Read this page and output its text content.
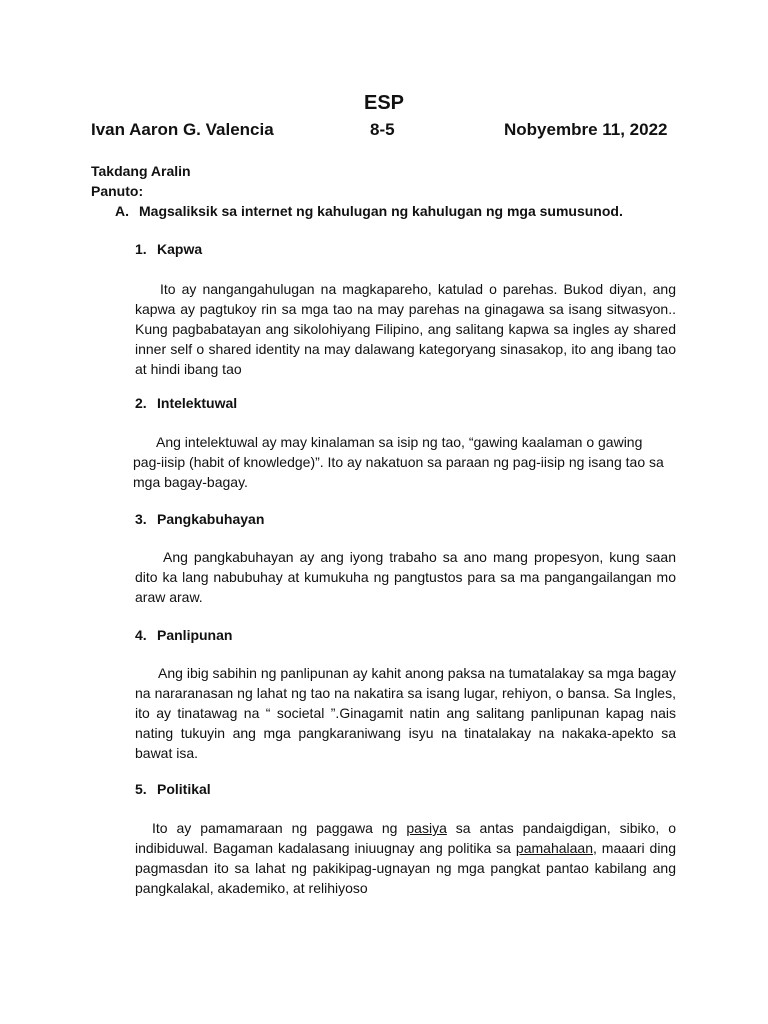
ESP
Ivan Aaron G. Valencia	8-5	Nobyembre 11, 2022
Takdang Aralin
Panuto:
A. Magsaliksik sa internet ng kahulugan ng kahulugan ng mga sumusunod.
1. Kapwa

Ito ay nangangahulugan na magkapareho, katulad o parehas. Bukod diyan, ang kapwa ay pagtukoy rin sa mga tao na may parehas na ginagawa sa isang sitwasyon.. Kung pagbabatayan ang sikolohiyang Filipino, ang salitang kapwa sa ingles ay shared inner self o shared identity na may dalawang kategoryang sinasakop, ito ang ibang tao at hindi ibang tao

2. Intelektuwal

Ang intelektuwal ay may kinalaman sa isip ng tao, “gawing kaalaman o gawing pag-iisip (habit of knowledge)”. Ito ay nakatuon sa paraan ng pag-iisip ng isang tao sa mga bagay-bagay.

3. Pangkabuhayan

Ang pangkabuhayan ay ang iyong trabaho sa ano mang propesyon, kung saan dito ka lang nabubuhay at kumukuha ng pangtustos para sa ma pangangailangan mo araw araw.

4. Panlipunan

Ang ibig sabihin ng panlipunan ay kahit anong paksa na tumatalakay sa mga bagay na nararanasan ng lahat ng tao na nakatira sa isang lugar, rehiyon, o bansa. Sa Ingles, ito ay tinatawag na “ societal ”.Ginagamit natin ang salitang panlipunan kapag nais nating tukuyin ang mga pangkaraniwang isyu na tinatalakay na nakaka-apekto sa bawat isa.

5. Politikal

Ito ay pamamaraan ng paggawa ng pasiya sa antas pandaigdigan, sibiko, o indibiduwal. Bagaman kadalasang iniuugnay ang politika sa pamahalaan, maaari ding pagmasdan ito sa lahat ng pakikipag-ugnayan ng mga pangkat pantao kabilang ang pangkalakal, akademiko, at relihiyoso
